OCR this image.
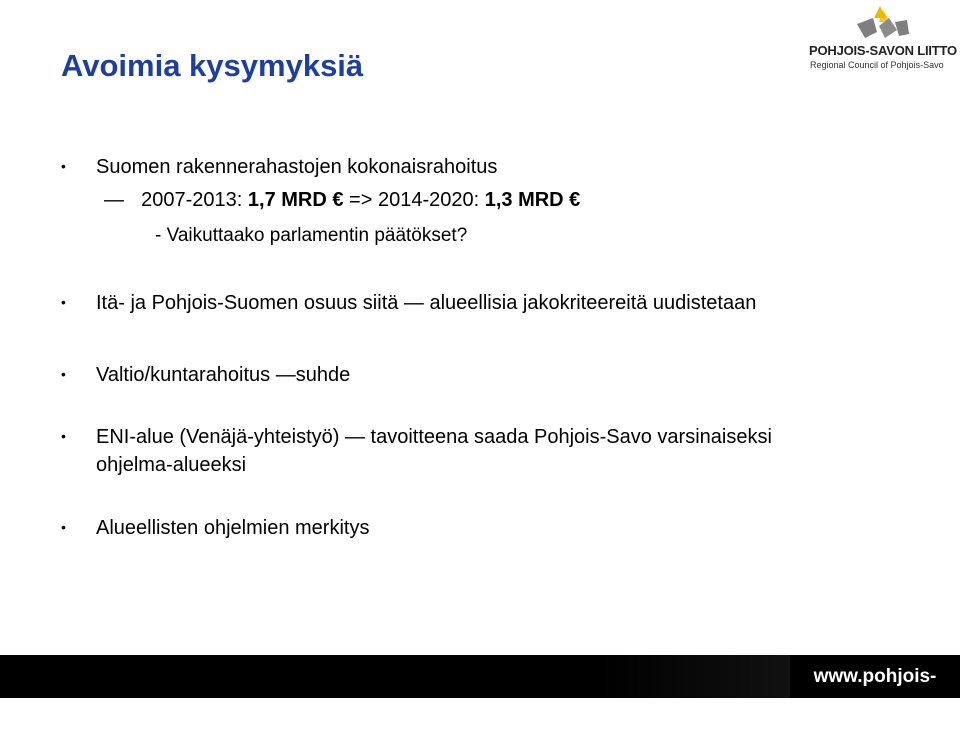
Avoimia kysymyksiä	POHJOIS-SAVON LIITTO
Regional Council of Pohjois-Savo
• Suomen rakennerahastojen kokonaisrahoitus
— 2007-2013: 1,7 MRD € => 2014-2020: 1,3 MRD €
- Vaikuttaako parlamentin päätökset?
• Itä- ja Pohjois-Suomen osuus siitä — alueellisia jakokriteereitä uudistetaan
• Valtio/kuntarahoitus —suhde
• ENI-alue (Venäjä-yhteistyö) — tavoitteena saada Pohjois-Savo varsinaiseksi
ohjelma-alueeksi
• Alueellisten ohjelmien merkitys
www.pohjois-savo.fi
